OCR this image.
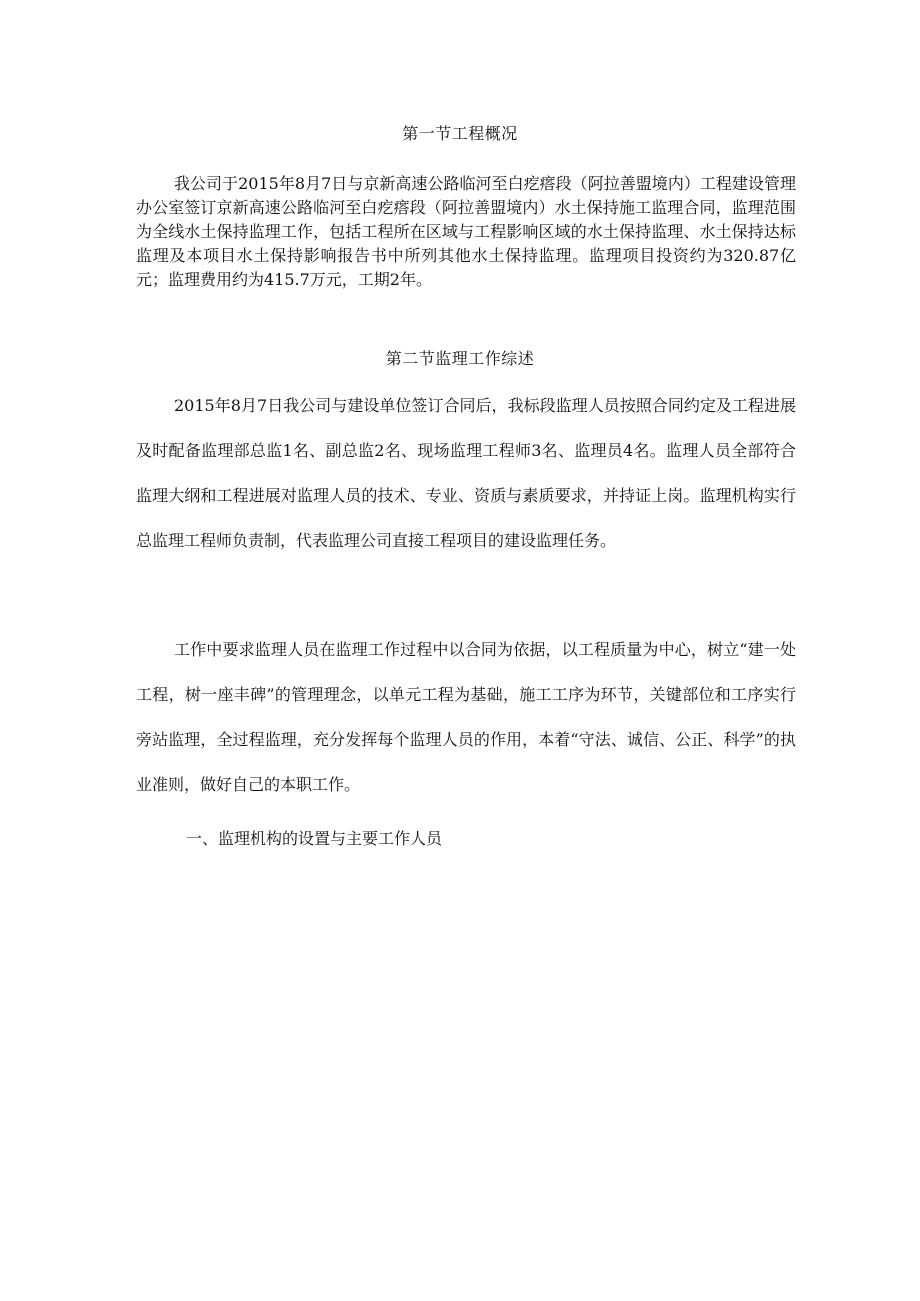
第一节工程概况
我公司于2015年8月7日与京新高速公路临河至白疙瘩段（阿拉善盟境内）工程建设管理办公室签订京新高速公路临河至白疙瘩段（阿拉善盟境内）水土保持施工监理合同，监理范围为全线水土保持监理工作，包括工程所在区域与工程影响区域的水土保持监理、水土保持达标监理及本项目水土保持影响报告书中所列其他水土保持监理。监理项目投资约为320.87亿元；监理费用约为415.7万元，工期2年。
第二节监理工作综述
2015年8月7日我公司与建设单位签订合同后，我标段监理人员按照合同约定及工程进展及时配备监理部总监1名、副总监2名、现场监理工程师3名、监理员4名。监理人员全部符合监理大纲和工程进展对监理人员的技术、专业、资质与素质要求，并持证上岗。监理机构实行总监理工程师负责制，代表监理公司直接工程项目的建设监理任务。
工作中要求监理人员在监理工作过程中以合同为依据，以工程质量为中心，树立“建一处工程，树一座丰碑”的管理理念，以单元工程为基础，施工工序为环节，关键部位和工序实行旁站监理，全过程监理，充分发挥每个监理人员的作用，本着“守法、诚信、公正、科学”的执业准则，做好自己的本职工作。
一、监理机构的设置与主要工作人员
